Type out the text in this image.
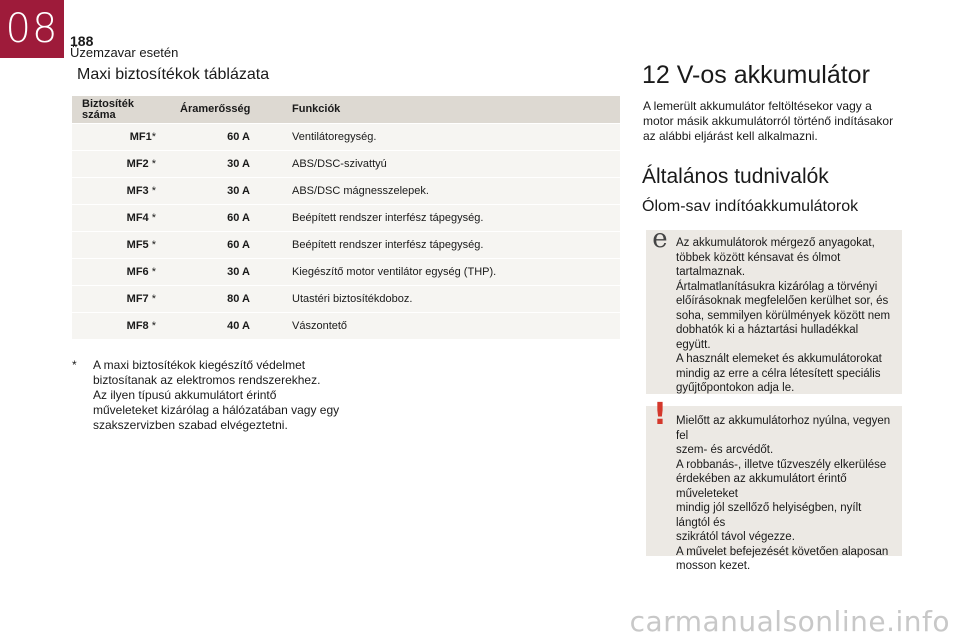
08 188
Üzemzavar esetén
Maxi biztosítékok táblázata
Biztosíték száma	Áramerősség	Funkciók
MF1*	60 A	Ventilátoregység.
MF2 *	30 A	ABS/DSC-szivattyú
MF3 *	30 A	ABS/DSC mágnesszelepek.
MF4 *	60 A	Beépített rendszer interfész tápegység.
MF5 *	60 A	Beépített rendszer interfész tápegység.
MF6 *	30 A	Kiegészítő motor ventilátor egység (THP).
MF7 *	80 A	Utastéri biztosítékdoboz.
MF8 *	40 A	Vászontető
* A maxi biztosítékok kiegészítő védelmet
biztosítanak az elektromos rendszerekhez.
Az ilyen típusú akkumulátort érintő
műveleteket kizárólag a hálózatában vagy egy
szakszervizben szabad elvégeztetni.
12 V-os akkumulátor
A lemerült akkumulátor feltöltésekor vagy a motor másik akkumulátorról történő indításakor az alábbi eljárást kell alkalmazni.
Általános tudnivalók
Ólom-sav indítóakkumulátorok
e Az akkumulátorok mérgező anyagokat,
többek között kénsavat és ólmot
tartalmaznak.
Ártalmatlanításukra kizárólag a törvényi
előírásoknak megfelelően kerülhet sor, és
soha, semmilyen körülmények között nem
dobhatók ki a háztartási hulladékkal együtt.
A használt elemeket és akkumulátorokat
mindig az erre a célra létesített speciális
gyűjtőpontokon adja le.
! Mielőtt az akkumulátorhoz nyúlna, vegyen fel
szem- és arcvédőt.
A robbanás-, illetve tűzveszély elkerülése
érdekében az akkumulátort érintő műveleteket
mindig jól szellőző helyiségben, nyílt lángtól és
szikrától távol végezze.
A művelet befejezését követően alaposan
mosson kezet.
carmanualsonline.info
